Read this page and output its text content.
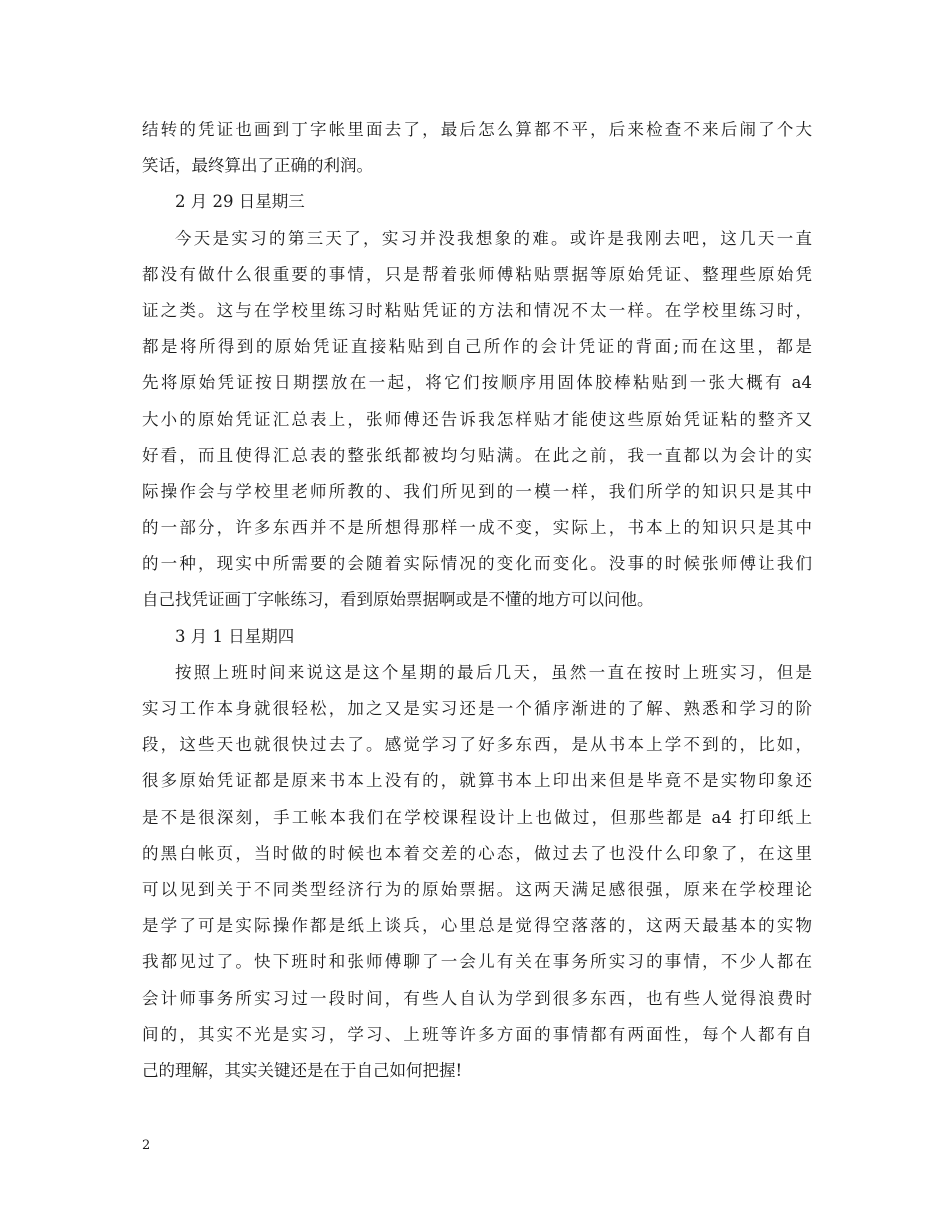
结转的凭证也画到丁字帐里面去了，最后怎么算都不平，后来检查不来后闹了个大
笑话，最终算出了正确的利润。
2 月 29 日星期三
今天是实习的第三天了，实习并没我想象的难。或许是我刚去吧，这几天一直
都没有做什么很重要的事情，只是帮着张师傅粘贴票据等原始凭证、整理些原始凭
证之类。这与在学校里练习时粘贴凭证的方法和情况不太一样。在学校里练习时，
都是将所得到的原始凭证直接粘贴到自己所作的会计凭证的背面;而在这里，都是
先将原始凭证按日期摆放在一起，将它们按顺序用固体胶棒粘贴到一张大概有 a4
大小的原始凭证汇总表上，张师傅还告诉我怎样贴才能使这些原始凭证粘的整齐又
好看，而且使得汇总表的整张纸都被均匀贴满。在此之前，我一直都以为会计的实
际操作会与学校里老师所教的、我们所见到的一模一样，我们所学的知识只是其中
的一部分，许多东西并不是所想得那样一成不变，实际上，书本上的知识只是其中
的一种，现实中所需要的会随着实际情况的变化而变化。没事的时候张师傅让我们
自己找凭证画丁字帐练习，看到原始票据啊或是不懂的地方可以问他。
3 月 1 日星期四
按照上班时间来说这是这个星期的最后几天，虽然一直在按时上班实习，但是
实习工作本身就很轻松，加之又是实习还是一个循序渐进的了解、熟悉和学习的阶
段，这些天也就很快过去了。感觉学习了好多东西，是从书本上学不到的，比如，
很多原始凭证都是原来书本上没有的，就算书本上印出来但是毕竟不是实物印象还
是不是很深刻，手工帐本我们在学校课程设计上也做过，但那些都是 a4 打印纸上
的黑白帐页，当时做的时候也本着交差的心态，做过去了也没什么印象了，在这里
可以见到关于不同类型经济行为的原始票据。这两天满足感很强，原来在学校理论
是学了可是实际操作都是纸上谈兵，心里总是觉得空落落的，这两天最基本的实物
我都见过了。快下班时和张师傅聊了一会儿有关在事务所实习的事情，不少人都在
会计师事务所实习过一段时间，有些人自认为学到很多东西，也有些人觉得浪费时
间的，其实不光是实习，学习、上班等许多方面的事情都有两面性，每个人都有自
己的理解，其实关键还是在于自己如何把握!
2
